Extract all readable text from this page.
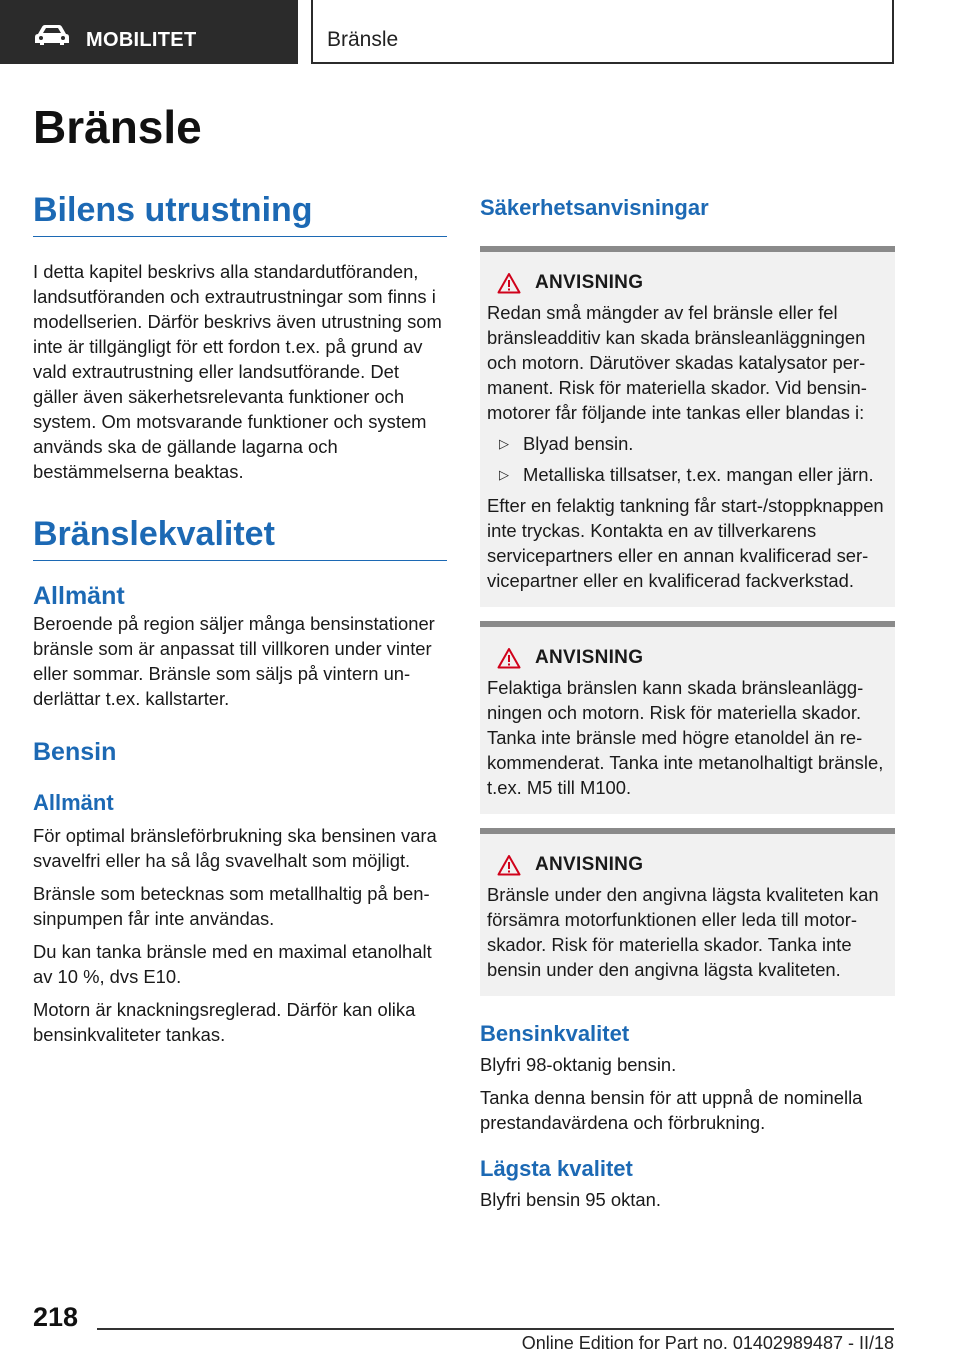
MOBILITET	Bränsle
Bränsle
Bilens utrustning

I detta kapitel beskrivs alla standardutföranden, landsutföranden och extrautrustningar som finns i modellserien. Därför beskrivs även utrustning som inte är tillgängligt för ett fordon t.ex. på grund av vald extrautrustning eller landsutförande. Det gäller även säkerhetsrelevanta funktioner och system. Om motsvarande funktioner och system används ska de gällande lagarna och bestämmelserna beaktas.

Bränslekvalitet
Allmänt

Beroende på region säljer många bensinstationer bränsle som är anpassat till villkoren under vinter eller sommar. Bränsle som säljs på vintern underlättar t.ex. kallstarter.

Bensin
Allmänt

För optimal bränsleförbrukning ska bensinen vara svavelfri eller ha så låg svavelhalt som möjligt.

Bränsle som betecknas som metallhaltig på bensinpumpen får inte användas.

Du kan tanka bränsle med en maximal etanolhalt av 10 %, dvs E10.

Motorn är knackningsreglerad. Därför kan olika bensinkvaliteter tankas.

Säkerhetsanvisningar
ANVISNING

Redan små mängder av fel bränsle eller fel bränsleadditiv kan skada bränsleanläggningen och motorn. Därutöver skadas katalysator permanent. Risk för materiella skador. Vid bensinmotorer får följande inte tankas eller blandas i:

▷ Blyad bensin.

▷ Metalliska tillsatser, t.ex. mangan eller järn.

Efter en felaktig tankning får start-/stoppknappen inte tryckas. Kontakta en av tillverkarens servicepartners eller en annan kvalificerad servicepartner eller en kvalificerad fackverkstad.

ANVISNING

Felaktiga bränslen kann skada bränsleanläggningen och motorn. Risk för materiella skador. Tanka inte bränsle med högre etanoldel än rekommenderat. Tanka inte metanolhaltigt bränsle, t.ex. M5 till M100.

ANVISNING

Bränsle under den angivna lägsta kvaliteten kan försämra motorfunktionen eller leda till motorskador. Risk för materiella skador. Tanka inte bensin under den angivna lägsta kvaliteten.

Bensinkvalitet

Blyfri 98-oktanig bensin.

Tanka denna bensin för att uppnå de nominella prestandavärdena och förbrukning.

Lägsta kvalitet

Blyfri bensin 95 oktan.

218
Online Edition for Part no. 01402989487 - II/18
